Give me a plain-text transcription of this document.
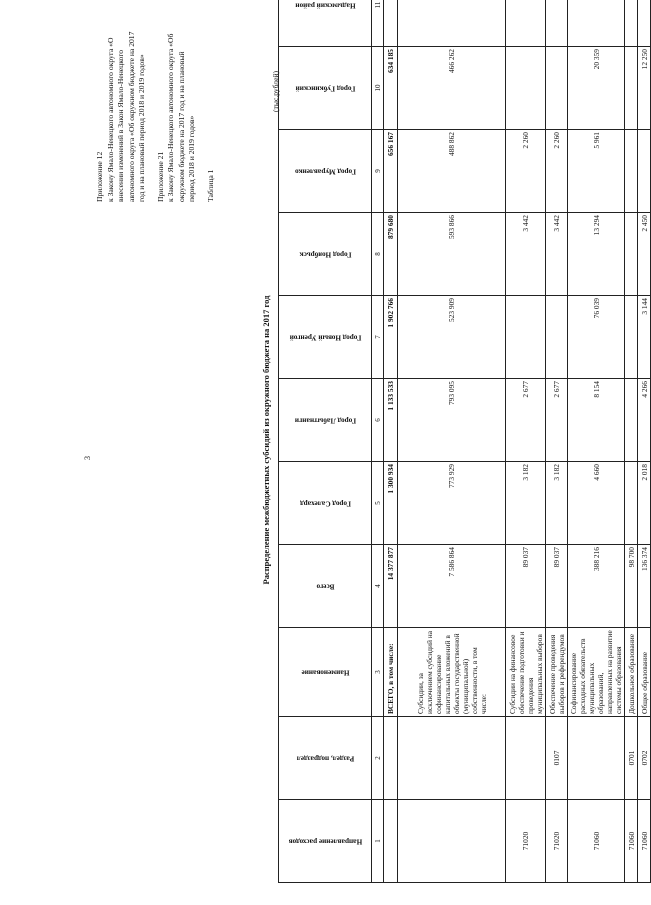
3
Приложение 12 к Закону Ямало-Ненецкого автономного округа «О внесении изменений в Закон Ямало-Ненецкого автономного округа «Об окружном бюджете на 2017 год и на плановый период 2018 и 2019 годов» Приложение 21 к Закону Ямало-Ненецкого автономного округа «Об окружном бюджете на 2017 год и на плановый период 2018 и 2019 годов» Таблица 1
Распределение межбюджетных субсидий из окружного бюджета на 2017 год
(тыс.рублей)
Направление расходов	Раздел, подраздел	Наименование	Всего	Город Салехард	Город Лабытнанги	Город Новый Уренгой	Город Ноябрьск	Город Муравленко	Город Губкинский	Надымский район

1	2	3	4	5	6	7	8	9	10	11						
		ВСЕГО, в том числе:	14 377 877	1 300 934	1 133 533	1 902 766	879 680	656 167	634 185							
		Субсидии, за исключением субсидий на софинансирование капитальных вложений в объекты государственной (муниципальной) собственности, в том числе:	7 586 864	773 929	793 095	523 909	593 866	488 862	466 262							
71020		Субсидии на финансовое обеспечение подготовки и проведения муниципальных выборов	89 037	3 182	2 677		3 442	2 260								
71020	0107	Обеспечение проведения выборов и референдумов	89 037	3 182	2 677		3 442	2 260								
71060		Софинансирование расходных обязательств муниципальных образований, направленных на развитие системы образования	388 216	4 660	8 154	76 039	13 294	5 961	20 359							
71060	0701	Дошкольное образование	98 700													
71060	0702	Общее образование	136 374	2 018	4 266	3 144	2 450		12 250							
